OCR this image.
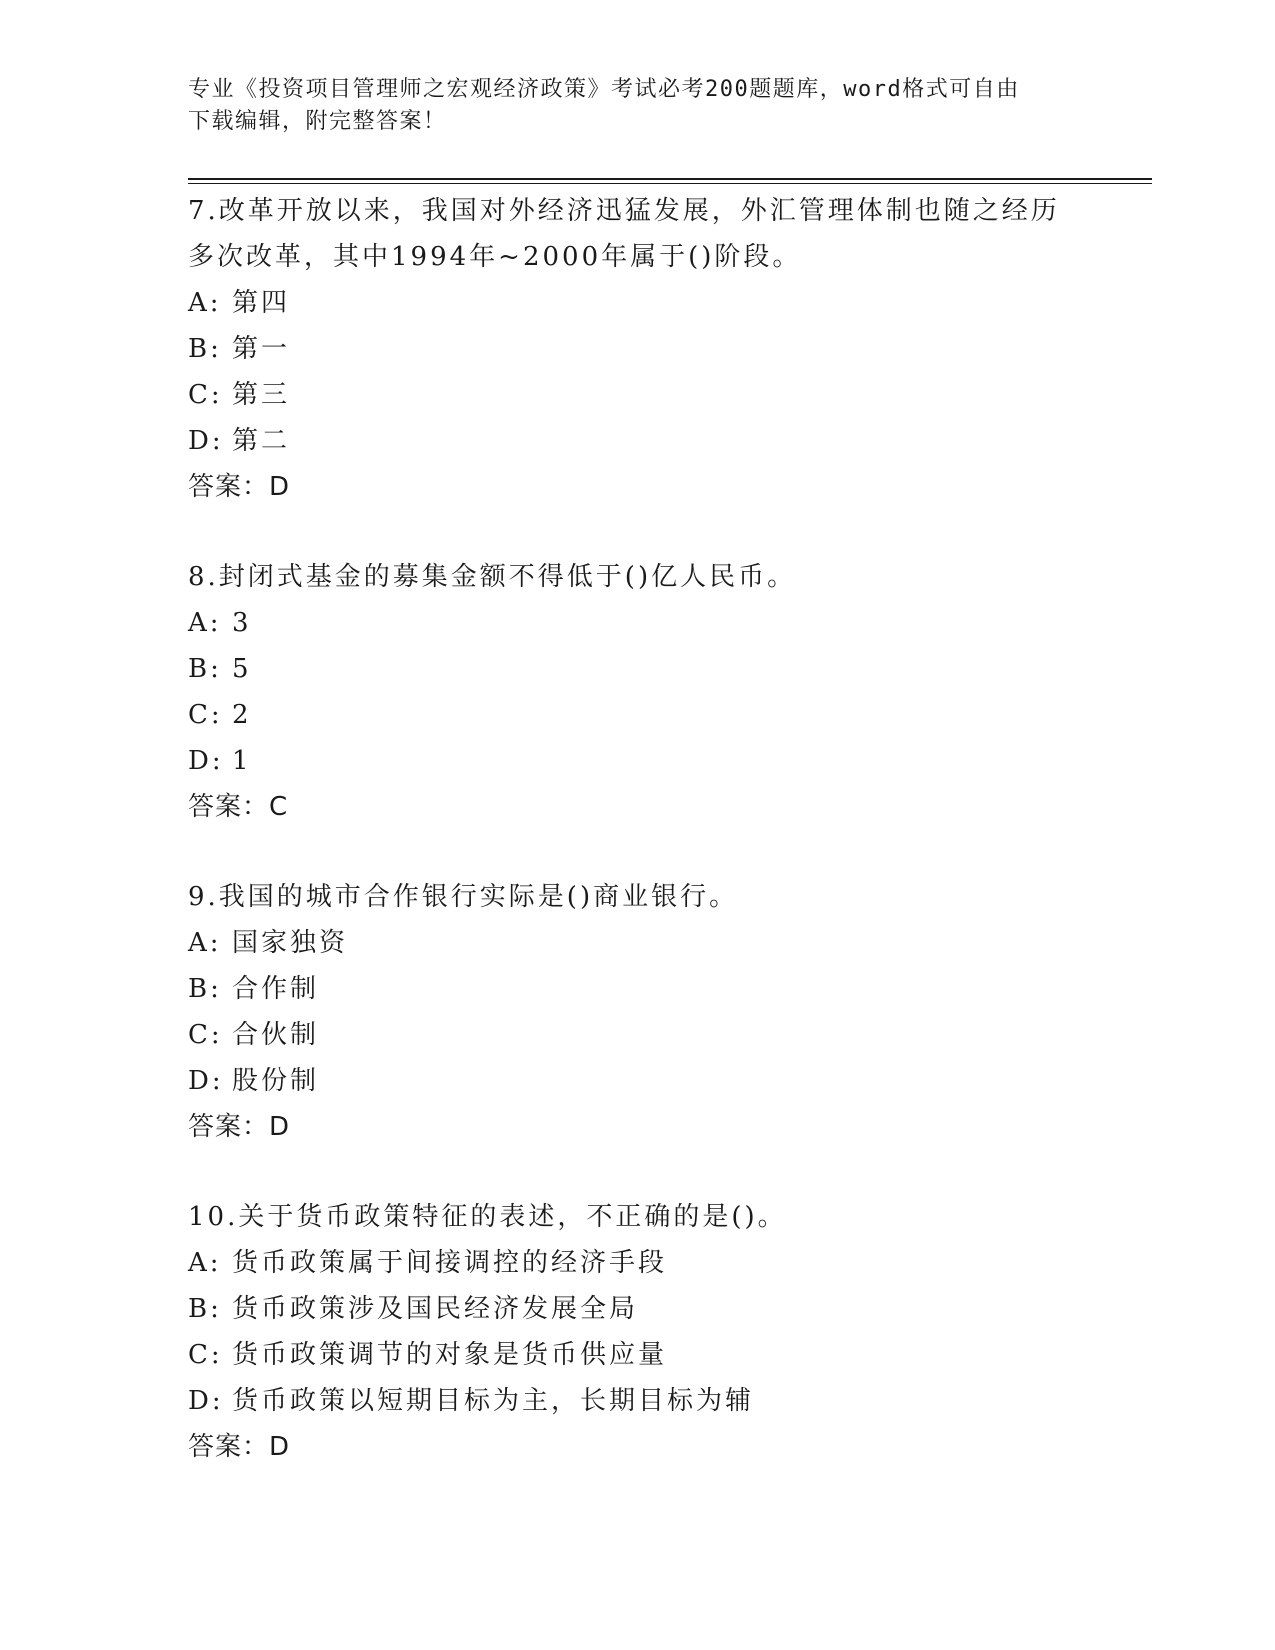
专业《投资项目管理师之宏观经济政策》考试必考200题题库，word格式可自由
下载编辑，附完整答案！
7.改革开放以来，我国对外经济迅猛发展，外汇管理体制也随之经历
多次改革，其中1994年~2000年属于()阶段。
A: 第四
B: 第一
C: 第三
D: 第二
答案：D
8.封闭式基金的募集金额不得低于()亿人民币。
A: 3
B: 5
C: 2
D: 1
答案：C
9.我国的城市合作银行实际是()商业银行。
A: 国家独资
B: 合作制
C: 合伙制
D: 股份制
答案：D
10.关于货币政策特征的表述，不正确的是()。
A: 货币政策属于间接调控的经济手段
B: 货币政策涉及国民经济发展全局
C: 货币政策调节的对象是货币供应量
D: 货币政策以短期目标为主，长期目标为辅
答案：D
